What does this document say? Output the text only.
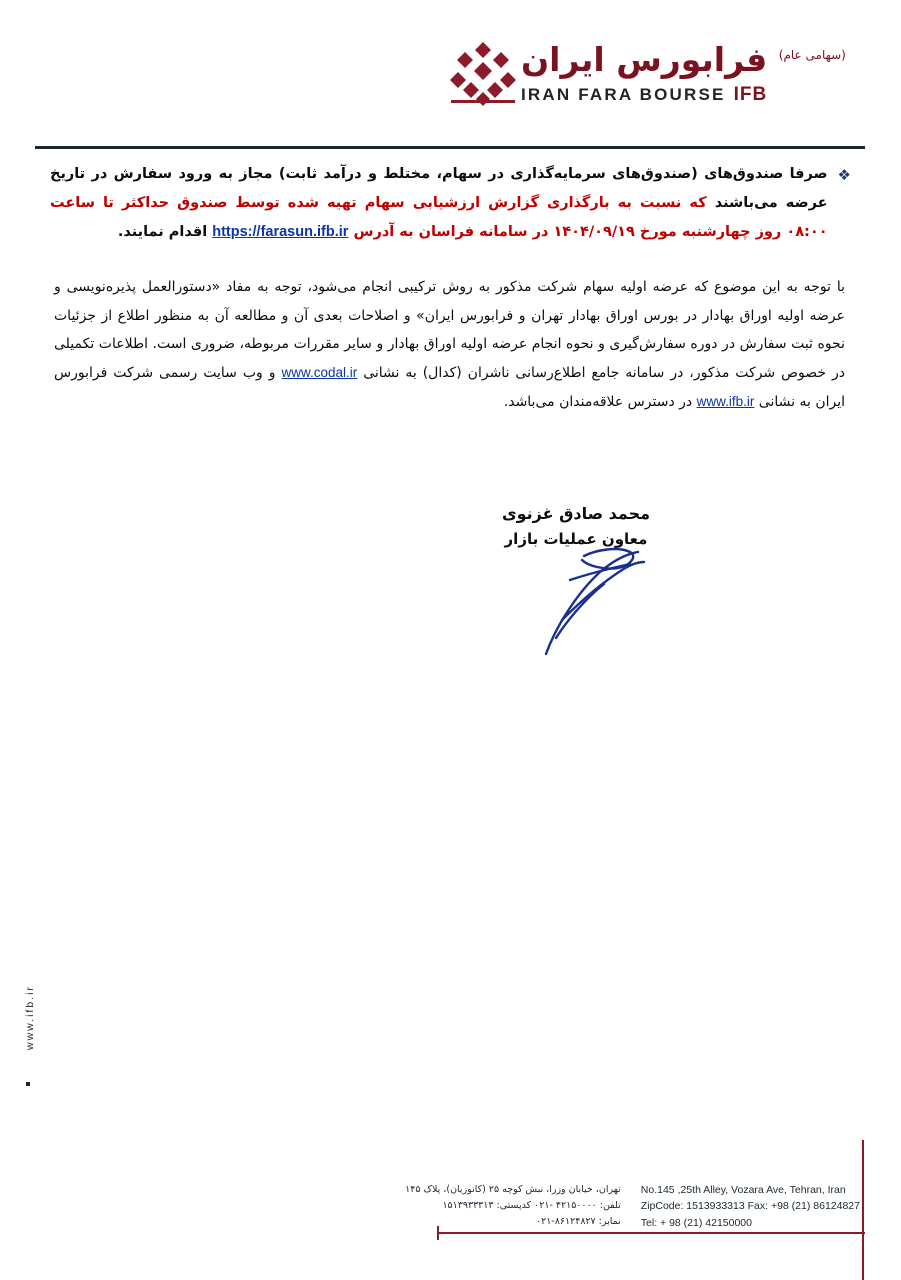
$^{(سهامی عام)}$ فرابورس ایران
IFB
IRAN FARA BOURSE
❖
صرفا صندوق‌های (صندوق‌های سرمایه‌گذاری در سهام، مختلط و درآمد ثابت) مجاز به ورود سفارش در تاریخ عرضه می‌باشند که نسبت به بارگذاری گزارش ارزشیابی سهام تهیه شده توسط صندوق حداکثر تا ساعت ۰۸:۰۰ روز چهارشنبه مورخ ۱۴۰۴/۰۹/۱۹ در سامانه فراسان به آدرس https://farasun.ifb.ir اقدام نمایند.
با توجه به این موضوع که عرضه اولیه سهام شرکت مذکور به روش ترکیبی انجام می‌شود، توجه به مفاد «دستورالعمل پذیره‌نویسی و عرضه اولیه اوراق بهادار در بورس اوراق بهادار تهران و فرابورس ایران» و اصلاحات بعدی آن و مطالعه آن به منظور اطلاع از جزئیات نحوه ثبت سفارش در دوره سفارش‌گیری و نحوه انجام عرضه اولیه اوراق بهادار و سایر مقررات مربوطه، ضروری است. اطلاعات تکمیلی در خصوص شرکت مذکور، در سامانه جامع اطلاع‌رسانی ناشران (کدال) به نشانی www.codal.ir و وب سایت رسمی شرکت فرابورس ایران به نشانی www.ifb.ir در دسترس علاقه‌مندان می‌باشد.
محمد صادق غزنوی
معاون عملیات بازار
www.ifb.ir
No.145 ,25th Alley, Vozara Ave, Tehran, Iran
ZipCode: 1513933313 Fax: +98 (21) 86124827
Tel: + 98 (21) 42150000
تهران، خیابان وزرا، نبش کوچه ۲۵ (کانوزیان)، پلاک ۱۴۵
تلفن: ۴۲۱۵۰۰۰۰ -۰۲۱ کدپستی: ۱۵۱۳۹۳۳۳۱۳
نمابر: ۸۶۱۲۴۸۲۷-۰۲۱
